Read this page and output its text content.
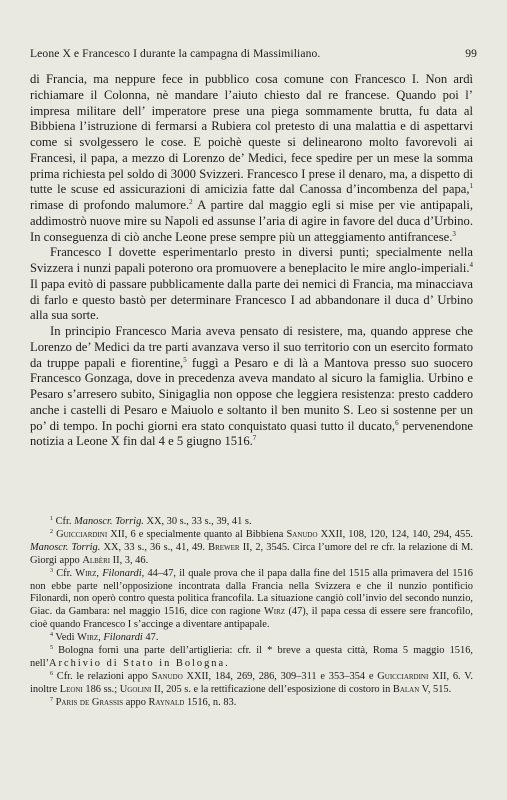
Leone X e Francesco I durante la campagna di Massimiliano.	99

di Francia, ma neppure fece in pubblico cosa comune con Francesco I. Non ardì richiamare il Colonna, nè mandare l’aiuto chiesto dal re francese. Quando poi l’ impresa militare dell’ imperatore prese una piega sommamente brutta, fu data al Bibbiena l’istruzione di fermarsi a Rubiera col pretesto di una malattia e di aspettarvi come si svolgessero le cose. E poichè queste si delinearono molto favorevoli ai Francesi, il papa, a mezzo di Lorenzo de’ Medici, fece spedire per un mese la somma prima richiesta pel soldo di 3000 Svizzeri. Francesco I prese il denaro, ma, a dispetto di tutte le scuse ed assicurazioni di amicizia fatte dal Canossa d’incombenza del papa,$^1$ rimase di profondo malumore.$^2$ A partire dal maggio egli si mise per vie antipapali, addimostrò nuove mire su Napoli ed assunse l’aria di agire in favore del duca d’Urbino. In conseguenza di ciò anche Leone prese sempre più un atteggiamento antifrancese.$^3$

Francesco I dovette esperimentarlo presto in diversi punti; specialmente nella Svizzera i nunzi papali poterono ora promuovere a beneplacito le mire anglo-imperiali.$^4$ Il papa evitò di passare pubblicamente dalla parte dei nemici di Francia, ma minacciava di farlo e questo bastò per determinare Francesco I ad abbandonare il duca d’ Urbino alla sua sorte.

In principio Francesco Maria aveva pensato di resistere, ma, quando apprese che Lorenzo de’ Medici da tre parti avanzava verso il suo territorio con un esercito formato da truppe papali e fiorentine,$^5$ fuggì a Pesaro e di là a Mantova presso suo suocero Francesco Gonzaga, dove in precedenza aveva mandato al sicuro la famiglia. Urbino e Pesaro s’arresero subito, Sinigaglia non oppose che leggiera resistenza: presto caddero anche i castelli di Pesaro e Maiuolo e soltanto il ben munito S. Leo si sostenne per un po’ di tempo. In pochi giorni era stato conquistato quasi tutto il ducato,$^6$ pervenendone notizia a Leone X fin dal 4 e 5 giugno 1516.$^7$

$^1$ Cfr. Manoscr. Torrig. XX, 30 s., 33 s., 39, 41 s.

$^2$ Guicciardini XII, 6 e specialmente quanto al Bibbiena Sanudo XXII, 108, 120, 124, 140, 294, 455. Manoscr. Torrig. XX, 33 s., 36 s., 41, 49. Brewer II, 2, 3545. Circa l’umore del re cfr. la relazione di M. Giorgi appo Albèri II, 3, 46.

$^3$ Cfr. Wirz, Filonardi, 44–47, il quale prova che il papa dalla fine del 1515 alla primavera del 1516 non ebbe parte nell’opposizione incontrata dalla Francia nella Svizzera e che il nunzio pontificio Filonardi, non operò contro questa politica francofila. La situazione cangiò coll’invio del secondo nunzio, Giac. da Gambara: nel maggio 1516, dice con ragione Wirz (47), il papa cessa di essere sere francofilo, cioè quando Francesco I s’accinge a diventare antipapale.

$^4$ Vedi Wirz, Filonardi 47.

$^5$ Bologna fornì una parte dell’artiglieria: cfr. il * breve a questa città, Roma 5 maggio 1516, nell’Archivio di Stato in Bologna.

$^6$ Cfr. le relazioni appo Sanudo XXII, 184, 269, 286, 309–311 e 353–354 e Guicciardini XII, 6. V. inoltre Leoni 186 ss.; Ugolini II, 205 s. e la rettificazione dell’esposizione di costoro in Balan V, 515.

$^7$ Paris de Grassis appo Raynald 1516, n. 83.
